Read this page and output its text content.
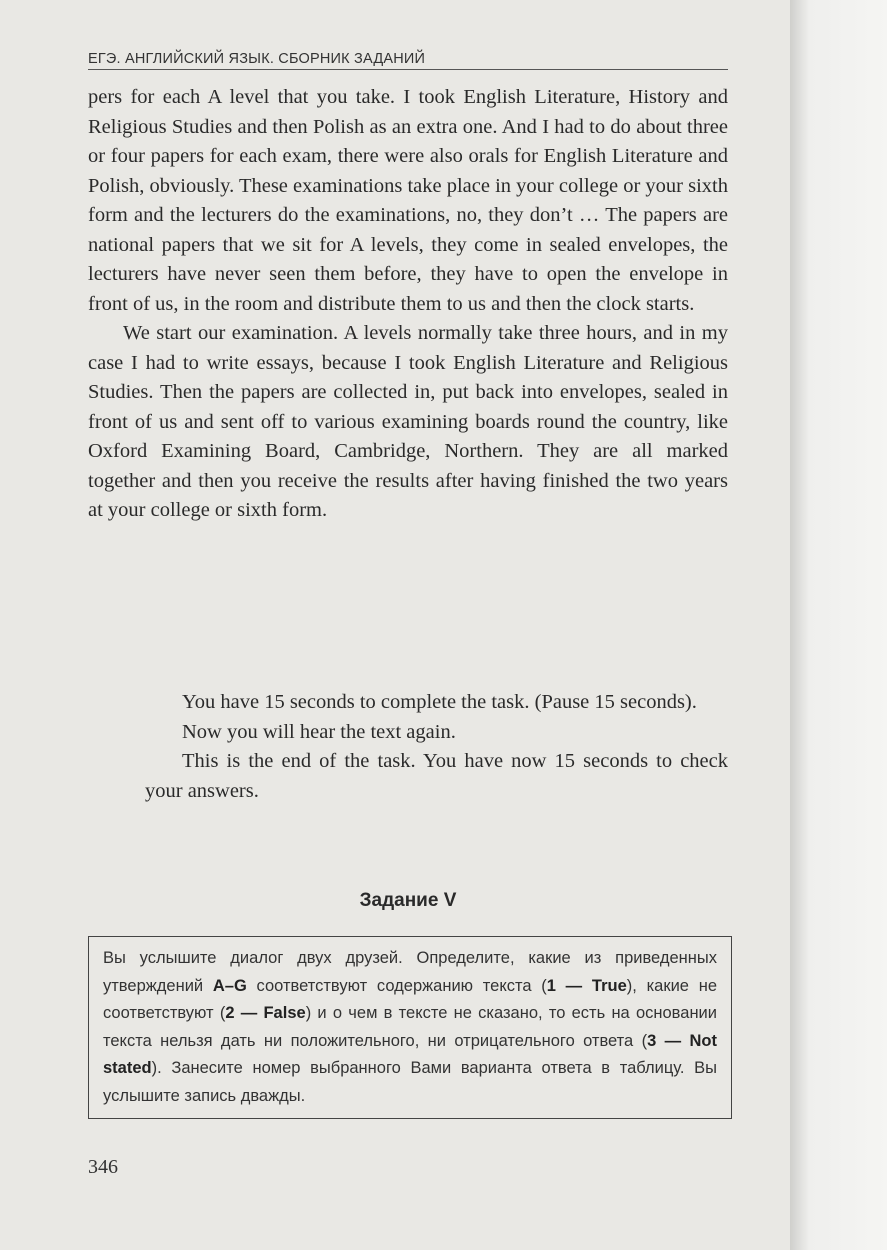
ЕГЭ. АНГЛИЙСКИЙ ЯЗЫК. СБОРНИК ЗАДАНИЙ

pers for each A level that you take. I took English Literature, History and Religious Studies and then Polish as an extra one. And I had to do about three or four papers for each exam, there were also orals for English Literature and Polish, obviously. These examinations take place in your college or your sixth form and the lecturers do the examinations, no, they don’t … The papers are national papers that we sit for A levels, they come in sealed envelopes, the lecturers have never seen them before, they have to open the envelope in front of us, in the room and distribute them to us and then the clock starts.

We start our examination. A levels normally take three hours, and in my case I had to write essays, because I took English Literature and Religious Studies. Then the papers are collected in, put back into envelopes, sealed in front of us and sent off to various examining boards round the country, like Oxford Examining Board, Cambridge, Northern. They are all marked together and then you receive the results after having finished the two years at your college or sixth form.

You have 15 seconds to complete the task. (Pause 15 seconds).

Now you will hear the text again.

This is the end of the task. You have now 15 seconds to check your answers.

Задание V
Вы услышите диалог двух друзей. Определите, какие из приведенных утверждений A–G соответствуют содержанию текста (1 — True), какие не соответствуют (2 — False) и о чем в тексте не сказано, то есть на основании текста нельзя дать ни положительного, ни отрицательного ответа (3 — Not stated). Занесите номер выбранного Вами варианта ответа в таблицу. Вы услышите запись дважды.
346
